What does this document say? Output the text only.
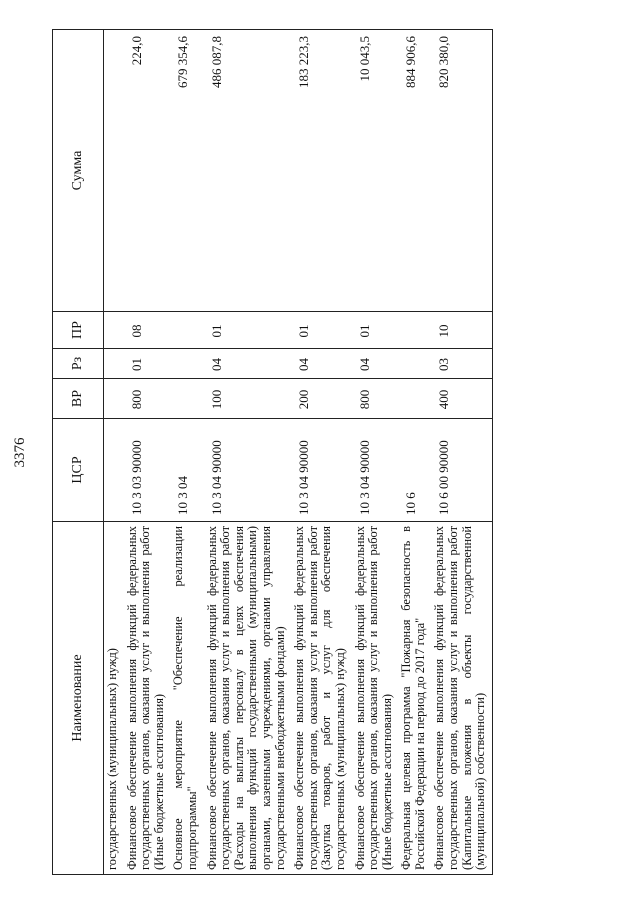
3376
Наименование	ЦСР	ВР	Рз	ПР	Сумма
государственных (муниципальных) нужд)					
Финансовое обеспечение выполнения функций федеральных государственных органов, оказания услуг и выполнения работ (Иные бюджетные ассигнования)	10 3 03 90000	800	01	08	224,0
Основное мероприятие "Обеспечение реализации подпрограммы"	10 3 04				679 354,6
Финансовое обеспечение выполнения функций федеральных государственных органов, оказания услуг и выполнения работ (Расходы на выплаты персоналу в целях обеспечения выполнения функций государственными (муниципальными) органами, казенными учреждениями, органами управления государственными внебюджетными фондами)	10 3 04 90000	100	04	01	486 087,8
Финансовое обеспечение выполнения функций федеральных государственных органов, оказания услуг и выполнения работ (Закупка товаров, работ и услуг для обеспечения государственных (муниципальных) нужд)	10 3 04 90000	200	04	01	183 223,3
Финансовое обеспечение выполнения функций федеральных государственных органов, оказания услуг и выполнения работ (Иные бюджетные ассигнования)	10 3 04 90000	800	04	01	10 043,5
Федеральная целевая программа "Пожарная безопасность в Российской Федерации на период до 2017 года"	10 6				884 906,6
Финансовое обеспечение выполнения функций федеральных государственных органов, оказания услуг и выполнения работ (Капитальные вложения в объекты государственной (муниципальной) собственности)	10 6 00 90000	400	03	10	820 380,0
